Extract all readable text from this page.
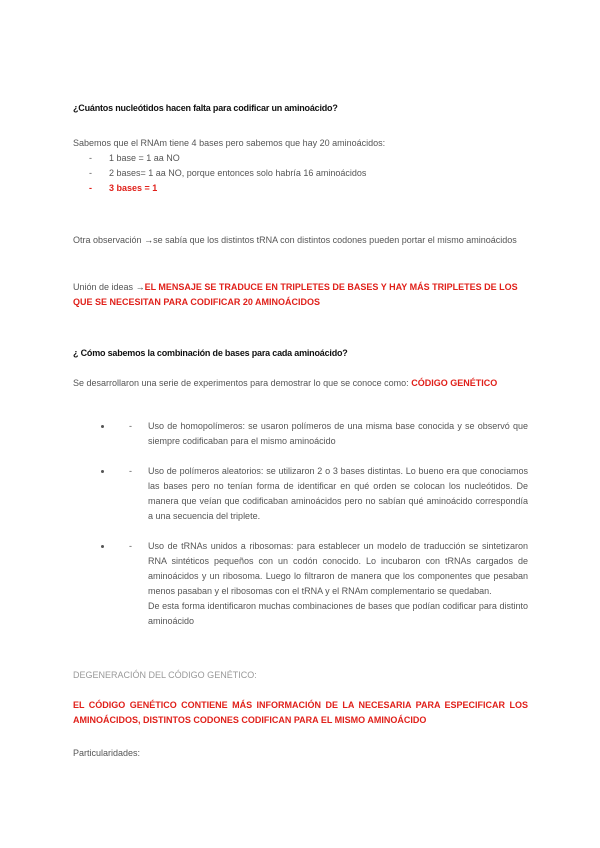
¿Cuántos nucleótidos hacen falta para codificar un aminoácido?
Sabemos que el RNAm tiene 4 bases pero sabemos que hay 20 aminoácidos:
- 1 base = 1 aa NO
- 2 bases= 1 aa NO, porque entonces solo habría 16 aminoácidos
- 3 bases = 1
Otra observación →se sabía que los distintos tRNA con distintos codones pueden portar el mismo aminoácidos
Unión de ideas →EL MENSAJE SE TRADUCE EN TRIPLETES DE BASES Y HAY MÁS TRIPLETES DE LOS QUE SE NECESITAN PARA CODIFICAR 20 AMINOÁCIDOS
¿ Cómo sabemos la combinación de bases para cada aminoácido?
Se desarrollaron una serie de experimentos para demostrar lo que se conoce como: CÓDIGO GENÉTICO
- • Uso de homopolímeros: se usaron polímeros de una misma base conocida y se observó que siempre codificaban para el mismo aminoácido
- • Uso de polímeros aleatorios: se utilizaron 2 o 3 bases distintas. Lo bueno era que conociamos las bases pero no tenían forma de identificar en qué orden se colocan los nucleótidos. De manera que veían que codificaban aminoácidos pero no sabían qué aminoácido correspondía a una secuencia del triplete.
- • Uso de tRNAs unidos a ribosomas: para establecer un modelo de traducción se sintetizaron RNA sintéticos pequeños con un codón conocido. Lo incubaron con tRNAs cargados de aminoácidos y un ribosoma. Luego lo filtraron de manera que los componentes que pesaban menos pasaban y el ribosomas con el tRNA y el RNAm complementario se quedaban.
De esta forma identificaron muchas combinaciones de bases que podían codificar para distinto aminoácido
DEGENERACIÓN DEL CÓDIGO GENÉTICO:
EL CÓDIGO GENÉTICO CONTIENE MÁS INFORMACIÓN DE LA NECESARIA PARA ESPECIFICAR LOS AMINOÁCIDOS, DISTINTOS CODONES CODIFICAN PARA EL MISMO AMINOÁCIDO
Particularidades:
